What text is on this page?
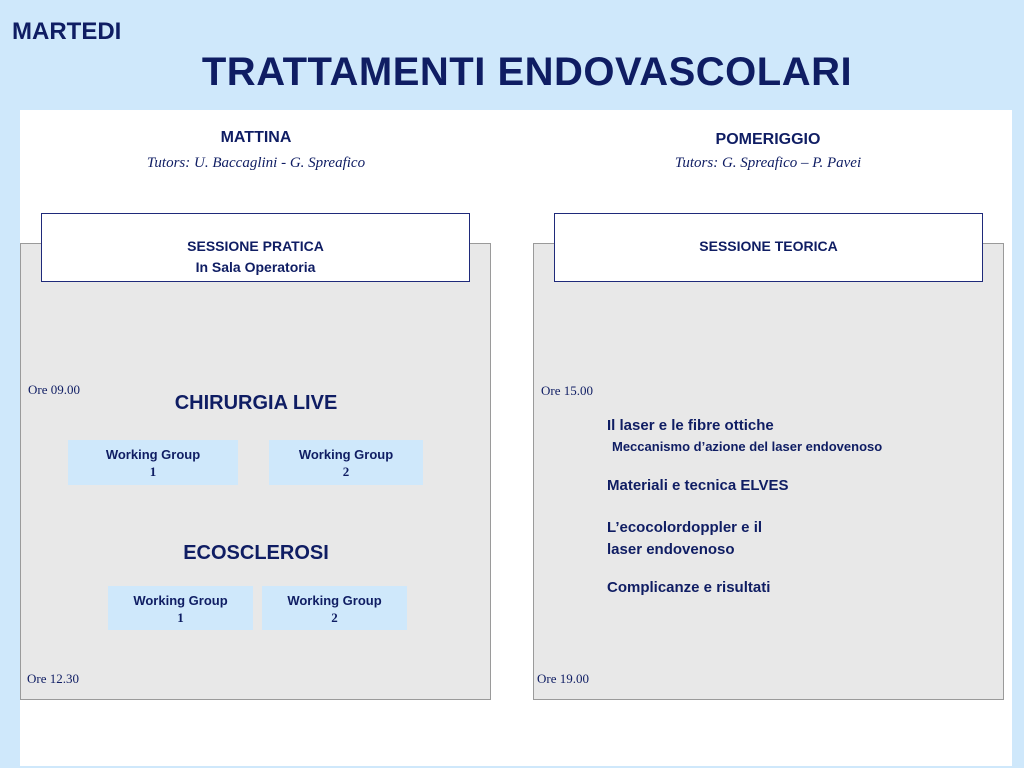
MARTEDI
TRATTAMENTI ENDOVASCOLARI
MATTINA
Tutors: U. Baccaglini - G. Spreafico
SESSIONE PRATICA
In Sala Operatoria
Ore 09.00
CHIRURGIA LIVE
Working Group
1
Working Group
2
ECOSCLEROSI
Working Group
1
Working Group
2
Ore 12.30
POMERIGGIO
Tutors: G. Spreafico – P. Pavei
SESSIONE TEORICA
Ore 15.00
Il laser e le fibre ottiche
Meccanismo d’azione del laser endovenoso
Materiali e tecnica ELVES
L’ecocolordoppler e il
laser endovenoso
Complicanze e risultati
Ore 19.00
